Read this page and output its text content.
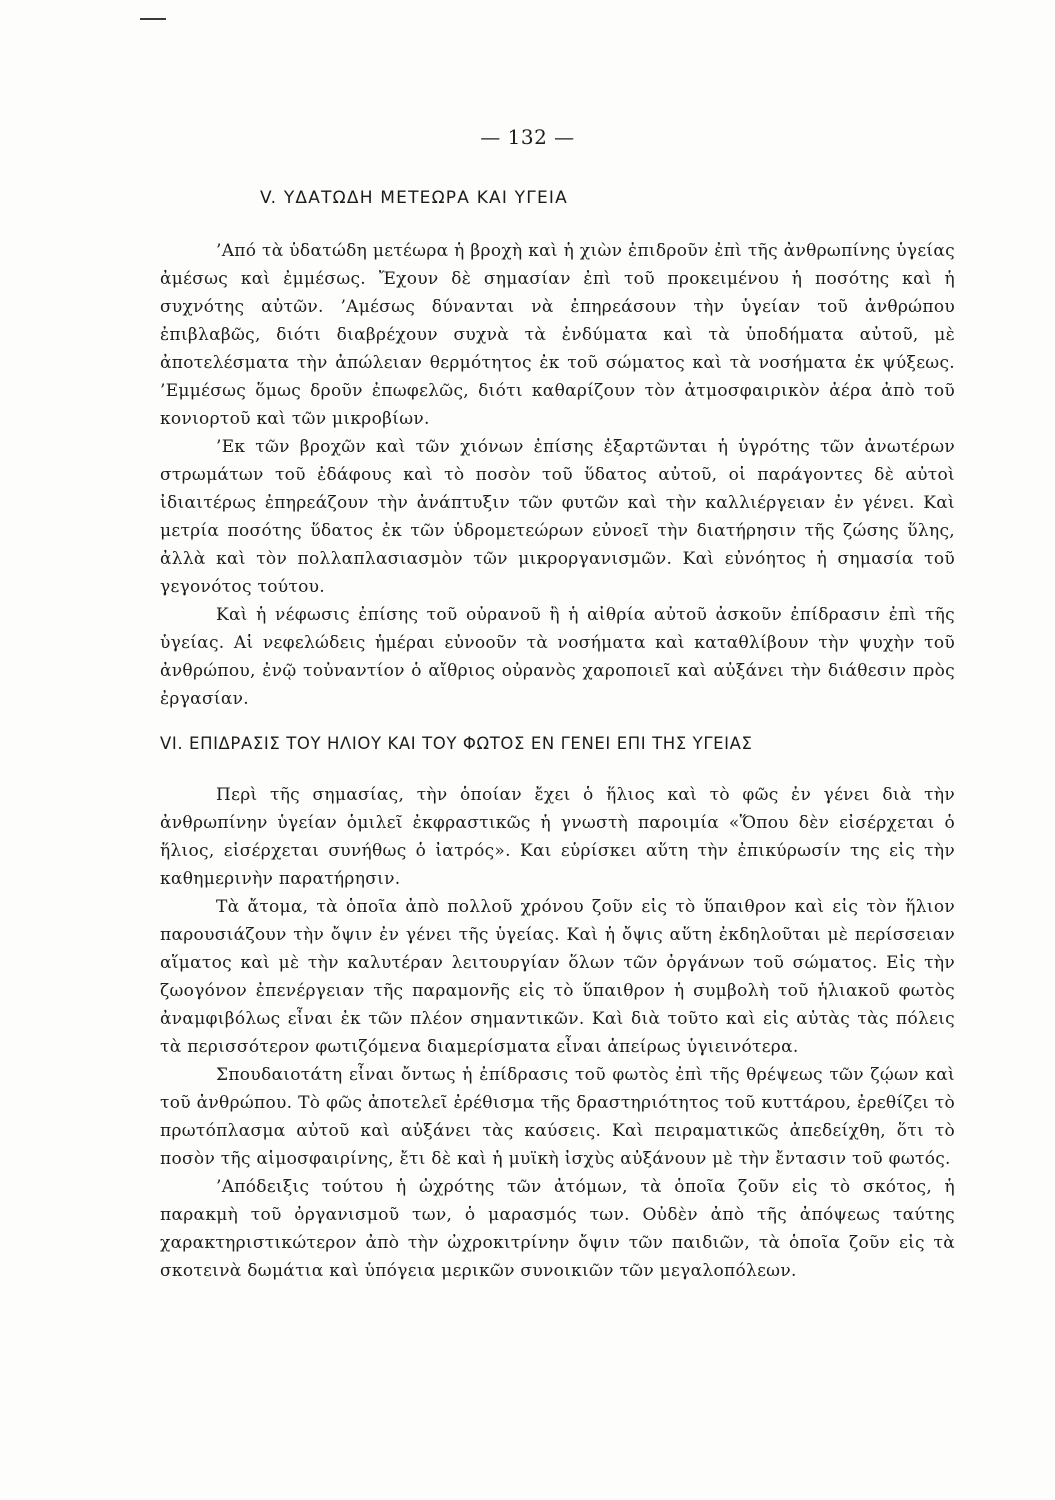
— 132 —
V. ΥΔΑΤΩΔΗ ΜΕΤΕΩΡΑ ΚΑΙ ΥΓΕΙΑ

’Από τὰ ὑδατώδη μετέωρα ἡ βροχὴ καὶ ἡ χιὼν ἐπιδροῦν ἐπὶ τῆς ἀνθρωπίνης ὑγείας ἀμέσως καὶ ἐμμέσως. Ἔχουν δὲ σημασίαν ἐπὶ τοῦ προκειμένου ἡ ποσότης καὶ ἡ συχνότης αὐτῶν. ’Αμέσως δύνανται νὰ ἐπηρεάσουν τὴν ὑγείαν τοῦ ἀνθρώπου ἐπιβλαβῶς, διότι διαβρέχουν συχνὰ τὰ ἐνδύματα καὶ τὰ ὑποδήματα αὐτοῦ, μὲ ἀποτελέσματα τὴν ἀπώλειαν θερμότητος ἐκ τοῦ σώματος καὶ τὰ νοσήματα ἐκ ψύξεως. ’Εμμέσως ὅμως δροῦν ἐπωφελῶς, διότι καθαρίζουν τὸν ἀτμοσφαιρικὸν ἀέρα ἀπὸ τοῦ κονιορτοῦ καὶ τῶν μικροβίων.

’Εκ τῶν βροχῶν καὶ τῶν χιόνων ἐπίσης ἐξαρτῶνται ἡ ὑγρότης τῶν ἀνωτέρων στρωμάτων τοῦ ἐδάφους καὶ τὸ ποσὸν τοῦ ὕδατος αὐτοῦ, οἱ παράγοντες δὲ αὐτοὶ ἰδιαιτέρως ἐπηρεάζουν τὴν ἀνάπτυξιν τῶν φυτῶν καὶ τὴν καλλιέργειαν ἐν γένει. Καὶ μετρία ποσότης ὕδατος ἐκ τῶν ὑδρομετεώρων εὐνοεῖ τὴν διατήρησιν τῆς ζώσης ὕλης, ἀλλὰ καὶ τὸν πολλαπλασιασμὸν τῶν μικροργανισμῶν. Καὶ εὐνόητος ἡ σημασία τοῦ γεγονότος τούτου.

Καὶ ἡ νέφωσις ἐπίσης τοῦ οὐρανοῦ ἢ ἡ αἰθρία αὐτοῦ ἀσκοῦν ἐπίδρασιν ἐπὶ τῆς ὑγείας. Αἱ νεφελώδεις ἡμέραι εὐνοοῦν τὰ νοσήματα καὶ καταθλίβουν τὴν ψυχὴν τοῦ ἀνθρώπου, ἐνῷ τοὐναντίον ὁ αἴθριος οὐρανὸς χαροποιεῖ καὶ αὐξάνει τὴν διάθεσιν πρὸς ἐργασίαν.

VI. ΕΠΙΔΡΑΣΙΣ ΤΟΥ ΗΛΙΟΥ ΚΑΙ ΤΟΥ ΦΩΤΟΣ ΕΝ ΓΕΝΕΙ ΕΠΙ ΤΗΣ ΥΓΕΙΑΣ

Περὶ τῆς σημασίας, τὴν ὁποίαν ἔχει ὁ ἥλιος καὶ τὸ φῶς ἐν γένει διὰ τὴν ἀνθρωπίνην ὑγείαν ὁμιλεῖ ἐκφραστικῶς ἡ γνωστὴ παροιμία «Ὅπου δὲν εἰσέρχεται ὁ ἥλιος, εἰσέρχεται συνήθως ὁ ἰατρός». Και εὑρίσκει αὕτη τὴν ἐπικύρωσίν της εἰς τὴν καθημερινὴν παρατήρησιν.

Τὰ ἄτομα, τὰ ὁποῖα ἀπὸ πολλοῦ χρόνου ζοῦν εἰς τὸ ὕπαιθρον καὶ εἰς τὸν ἥλιον παρουσιάζουν τὴν ὄψιν ἐν γένει τῆς ὑγείας. Καὶ ἡ ὄψις αὕτη ἐκδηλοῦται μὲ περίσσειαν αἵματος καὶ μὲ τὴν καλυτέραν λειτουργίαν ὅλων τῶν ὀργάνων τοῦ σώματος. Εἰς τὴν ζωογόνον ἐπενέργειαν τῆς παραμονῆς εἰς τὸ ὕπαιθρον ἡ συμβολὴ τοῦ ἡλιακοῦ φωτὸς ἀναμφιβόλως εἶναι ἐκ τῶν πλέον σημαντικῶν. Καὶ διὰ τοῦτο καὶ εἰς αὐτὰς τὰς πόλεις τὰ περισσότερον φωτιζόμενα διαμερίσματα εἶναι ἀπείρως ὑγιεινότερα.

Σπουδαιοτάτη εἶναι ὄντως ἡ ἐπίδρασις τοῦ φωτὸς ἐπὶ τῆς θρέψεως τῶν ζῴων καὶ τοῦ ἀνθρώπου. Τὸ φῶς ἀποτελεῖ ἐρέθισμα τῆς δραστηριότητος τοῦ κυττάρου, ἐρεθίζει τὸ πρωτόπλασμα αὐτοῦ καὶ αὐξάνει τὰς καύσεις. Καὶ πειραματικῶς ἀπεδείχθη, ὅτι τὸ ποσὸν τῆς αἱμοσφαιρίνης, ἔτι δὲ καὶ ἡ μυϊκὴ ἰσχὺς αὐξάνουν μὲ τὴν ἔντασιν τοῦ φωτός.

’Απόδειξις τούτου ἡ ὠχρότης τῶν ἀτόμων, τὰ ὁποῖα ζοῦν εἰς τὸ σκότος, ἡ παρακμὴ τοῦ ὀργανισμοῦ των, ὁ μαρασμός των. Οὐδὲν ἀπὸ τῆς ἀπόψεως ταύτης χαρακτηριστικώτερον ἀπὸ τὴν ὠχροκιτρίνην ὄψιν τῶν παιδιῶν, τὰ ὁποῖα ζοῦν εἰς τὰ σκοτεινὰ δωμάτια καὶ ὑπόγεια μερικῶν συνοικιῶν τῶν μεγαλοπόλεων.
